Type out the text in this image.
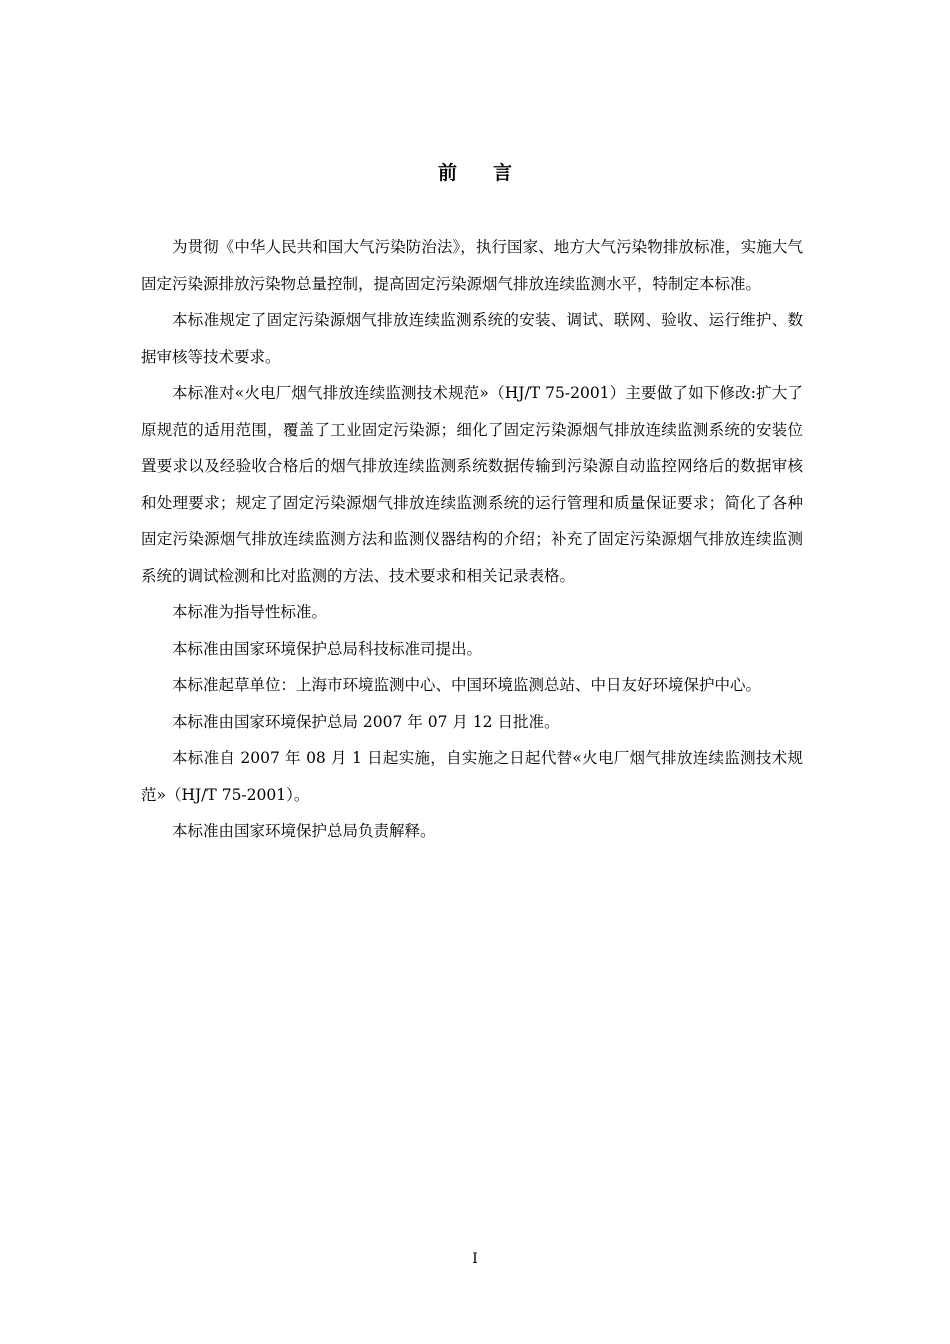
前言

为贯彻《中华人民共和国大气污染防治法》，执行国家、地方大气污染物排放标准，实施大气固定污染源排放污染物总量控制，提高固定污染源烟气排放连续监测水平，特制定本标准。

本标准规定了固定污染源烟气排放连续监测系统的安装、调试、联网、验收、运行维护、数据审核等技术要求。

本标准对«火电厂烟气排放连续监测技术规范»（HJ/T 75-2001）主要做了如下修改:扩大了原规范的适用范围，覆盖了工业固定污染源；细化了固定污染源烟气排放连续监测系统的安装位置要求以及经验收合格后的烟气排放连续监测系统数据传输到污染源自动监控网络后的数据审核和处理要求；规定了固定污染源烟气排放连续监测系统的运行管理和质量保证要求；简化了各种固定污染源烟气排放连续监测方法和监测仪器结构的介绍；补充了固定污染源烟气排放连续监测系统的调试检测和比对监测的方法、技术要求和相关记录表格。

本标准为指导性标准。

本标准由国家环境保护总局科技标准司提出。

本标准起草单位：上海市环境监测中心、中国环境监测总站、中日友好环境保护中心。

本标准由国家环境保护总局 2007 年 07 月 12 日批准。

本标准自 2007 年 08 月 1 日起实施，自实施之日起代替«火电厂烟气排放连续监测技术规范»（HJ/T 75-2001）。

本标准由国家环境保护总局负责解释。

I
